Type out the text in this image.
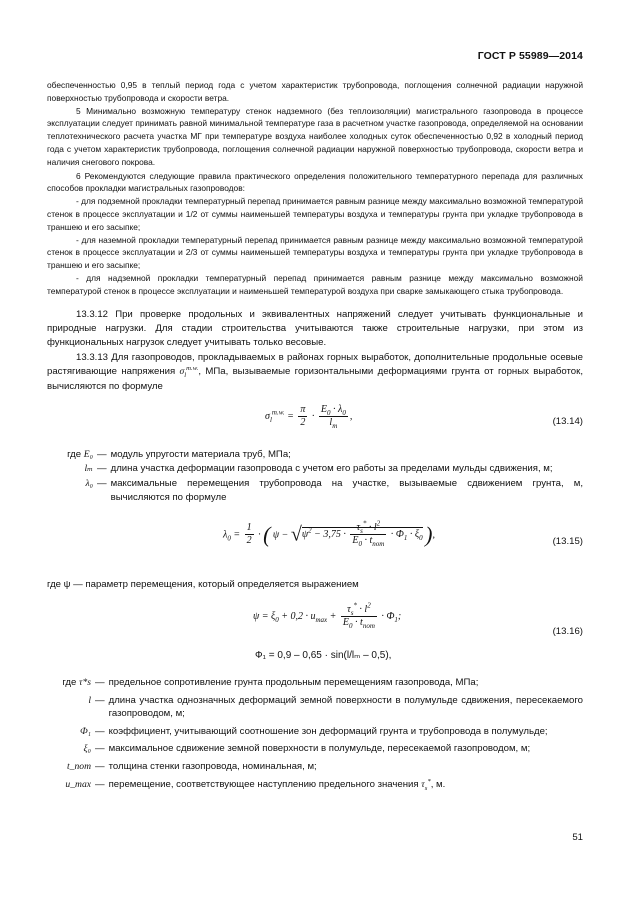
ГОСТ Р 55989—2014

обеспеченностью 0,95 в теплый период года с учетом характеристик трубопровода, поглощения солнечной радиации наружной поверхностью трубопровода и скорости ветра.

5 Минимально возможную температуру стенок надземного (без теплоизоляции) магистрального газопровода в процессе эксплуатации следует принимать равной минимальной температуре газа в расчетном участке газопровода, определяемой на основании теплотехнического расчета участка МГ при температуре воздуха наиболее холодных суток обеспеченностью 0,92 в холодный период года с учетом характеристик трубопровода, поглощения солнечной радиации наружной поверхностью трубопровода, скорости ветра и наличия снегового покрова.

6 Рекомендуются следующие правила практического определения положительного температурного перепада для различных способов прокладки магистральных газопроводов:

- для подземной прокладки температурный перепад принимается равным разнице между максимально возможной температурой стенок в процессе эксплуатации и 1/2 от суммы наименьшей температуры воздуха и температуры грунта при укладке трубопровода в траншею и его засыпке;

- для наземной прокладки температурный перепад принимается равным разнице между максимально возможной температурой стенок в процессе эксплуатации и 2/3 от суммы наименьшей температуры воздуха и температуры грунта при укладке трубопровода в траншею и его засыпке;

- для надземной прокладки температурный перепад принимается равным разнице между максимально возможной температурой стенок в процессе эксплуатации и наименьшей температурой воздуха при сварке замыкающего стыка трубопровода.

13.3.12 При проверке продольных и эквивалентных напряжений следует учитывать функциональные и природные нагрузки. Для стадии строительства учитываются также строительные нагрузки, при этом из функциональных нагрузок следует учитывать только весовые.

13.3.13 Для газопроводов, прокладываемых в районах горных выработок, дополнительные продольные осевые растягивающие напряжения $\sigma_l^{m.w.}$, МПа, вызываемые горизонтальными деформациями грунта от горных выработок, вычисляются по формуле

$\sigma_l^{m.w.} = \frac{\pi}{2} \cdot \frac{E_0 \cdot \lambda_0}{l_m}$ ,	(13.14)
где E₀ — модуль упругости материала труб, МПа;
lₘ — длина участка деформации газопровода с учетом его работы за пределами мульды сдвижения, м;
λ₀ — максимальные перемещения трубопровода на участке, вызываемые сдвижением грунта, м, вычисляются по формуле
$\lambda_0 = \frac{1}{2}$ · ( $\psi - √\psi^2 - 3,75 \cdot \frac{\tau_s^* \cdot l^2}{E_0 \cdot t_{nom}} \cdot Ф_1 \cdot \xi_0$ ),
(13.15)

где ψ — параметр перемещения, который определяется выражением

$\psi = \xi_0 + 0,2 \cdot u_{max} + \frac{\tau_s^* \cdot l^2}{E_0 \cdot t_{nom}} \cdot Ф_1$;
(13.16)
Ф₁ = 0,9 – 0,65 · sin(l/lₘ – 0,5),
где τ*s — предельное сопротивление грунта продольным перемещениям газопровода, МПа;
l — длина участка однозначных деформаций земной поверхности в полумульде сдвижения, пересекаемого газопроводом, м;
Ф₁ — коэффициент, учитывающий соотношение зон деформаций грунта и трубопровода в полумульде;
ξ₀ — максимальное сдвижение земной поверхности в полумульде, пересекаемой газопроводом, м;
t_nom — толщина стенки газопровода, номинальная, м;
u_max — перемещение, соответствующее наступлению предельного значения $\tau_s^*$, м.
51
